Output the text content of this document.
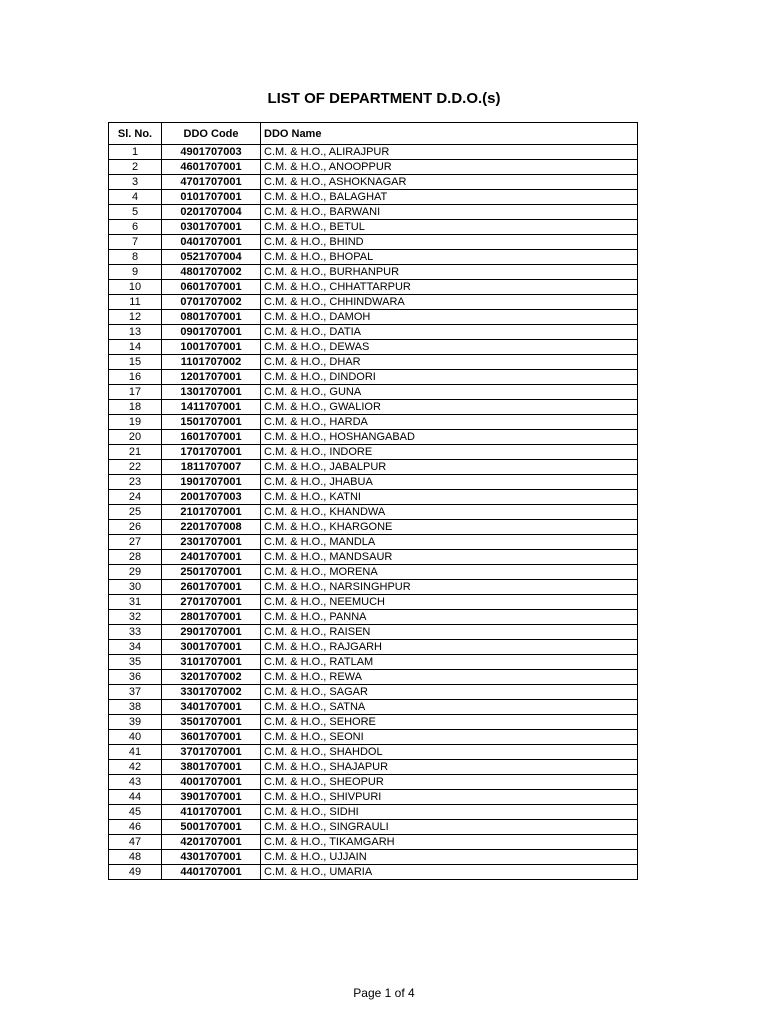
LIST OF DEPARTMENT D.D.O.(s)
Sl. No.	DDO Code	DDO Name
1	4901707003	C.M. & H.O., ALIRAJPUR
2	4601707001	C.M. & H.O., ANOOPPUR
3	4701707001	C.M. & H.O., ASHOKNAGAR
4	0101707001	C.M. & H.O., BALAGHAT
5	0201707004	C.M. & H.O., BARWANI
6	0301707001	C.M. & H.O., BETUL
7	0401707001	C.M. & H.O., BHIND
8	0521707004	C.M. & H.O., BHOPAL
9	4801707002	C.M. & H.O., BURHANPUR
10	0601707001	C.M. & H.O., CHHATTARPUR
11	0701707002	C.M. & H.O., CHHINDWARA
12	0801707001	C.M. & H.O., DAMOH
13	0901707001	C.M. & H.O., DATIA
14	1001707001	C.M. & H.O., DEWAS
15	1101707002	C.M. & H.O., DHAR
16	1201707001	C.M. & H.O., DINDORI
17	1301707001	C.M. & H.O., GUNA
18	1411707001	C.M. & H.O., GWALIOR
19	1501707001	C.M. & H.O., HARDA
20	1601707001	C.M. & H.O., HOSHANGABAD
21	1701707001	C.M. & H.O., INDORE
22	1811707007	C.M. & H.O., JABALPUR
23	1901707001	C.M. & H.O., JHABUA
24	2001707003	C.M. & H.O., KATNI
25	2101707001	C.M. & H.O., KHANDWA
26	2201707008	C.M. & H.O., KHARGONE
27	2301707001	C.M. & H.O., MANDLA
28	2401707001	C.M. & H.O., MANDSAUR
29	2501707001	C.M. & H.O., MORENA
30	2601707001	C.M. & H.O., NARSINGHPUR
31	2701707001	C.M. & H.O., NEEMUCH
32	2801707001	C.M. & H.O., PANNA
33	2901707001	C.M. & H.O., RAISEN
34	3001707001	C.M. & H.O., RAJGARH
35	3101707001	C.M. & H.O., RATLAM
36	3201707002	C.M. & H.O., REWA
37	3301707002	C.M. & H.O., SAGAR
38	3401707001	C.M. & H.O., SATNA
39	3501707001	C.M. & H.O., SEHORE
40	3601707001	C.M. & H.O., SEONI
41	3701707001	C.M. & H.O., SHAHDOL
42	3801707001	C.M. & H.O., SHAJAPUR
43	4001707001	C.M. & H.O., SHEOPUR
44	3901707001	C.M. & H.O., SHIVPURI
45	4101707001	C.M. & H.O., SIDHI
46	5001707001	C.M. & H.O., SINGRAULI
47	4201707001	C.M. & H.O., TIKAMGARH
48	4301707001	C.M. & H.O., UJJAIN
49	4401707001	C.M. & H.O., UMARIA
Page 1 of 4
